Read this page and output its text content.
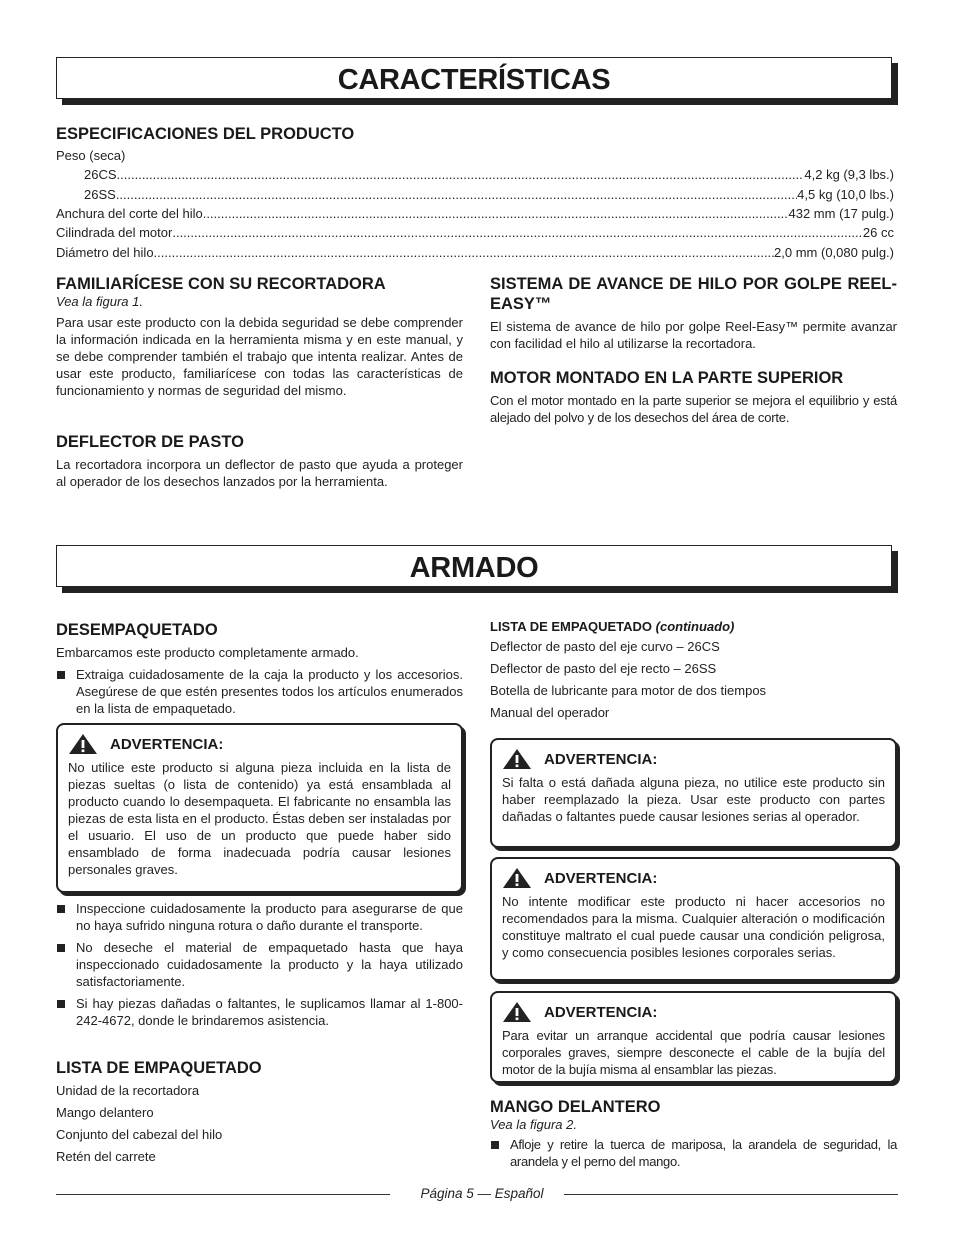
CARACTERÍSTICAS
ESPECIFICACIONES DEL PRODUCTO
Peso (seca)
26CS .....	4,2 kg (9,3 lbs.)
26SS .....	4,5 kg (10,0 lbs.)
Anchura del corte del hilo .....	432 mm (17 pulg.)
Cilindrada del motor .....	26 cc
Diámetro del hilo .....	2,0 mm (0,080 pulg.)
FAMILIARÍCESE CON SU RECORTADORA
Vea la figura 1.

Para usar este producto con la debida seguridad se debe comprender la información indicada en la herramienta misma y en este manual, y se debe comprender también el trabajo que intenta realizar. Antes de usar este producto, familiarícese con todas las características de funcionamiento y normas de seguridad del mismo.

DEFLECTOR DE PASTO

La recortadora incorpora un deflector de pasto que ayuda a proteger al operador de los desechos lanzados por la herramienta.

SISTEMA DE AVANCE DE HILO POR GOLPE REEL-EASY™

El sistema de avance de hilo por golpe Reel-Easy™ permite avanzar con facilidad el hilo al utilizarse la recortadora.

MOTOR MONTADO EN LA PARTE SUPERIOR

Con el motor montado en la parte superior se mejora el equilibrio y está alejado del polvo y de los desechos del área de corte.

ARMADO
DESEMPAQUETADO

Embarcamos este producto completamente armado.

Extraiga cuidadosamente de la caja la producto y los accesorios. Asegúrese de que estén presentes todos los artículos enumerados en la lista de empaquetado.
ADVERTENCIA:

No utilice este producto si alguna pieza incluida en la lista de piezas sueltas (o lista de contenido) ya está ensamblada al producto cuando lo desempaqueta. El fabricante no ensambla las piezas de esta lista en el producto. Éstas deben ser instaladas por el usuario. El uso de un producto que puede haber sido ensamblado de forma inadecuada podría causar lesiones personales graves.

Inspeccione cuidadosamente la producto para asegurarse de que no haya sufrido ninguna rotura o daño durante el transporte.
No deseche el material de empaquetado hasta que haya inspeccionado cuidadosamente la producto y la haya utilizado satisfactoriamente.
Si hay piezas dañadas o faltantes, le suplicamos llamar al 1-800-242-4672, donde le brindaremos asistencia.
LISTA DE EMPAQUETADO
Unidad de la recortadora
Mango delantero
Conjunto del cabezal del hilo
Retén del carrete
LISTA DE EMPAQUETADO (continuado)
Deflector de pasto del eje curvo – 26CS
Deflector de pasto del eje recto – 26SS
Botella de lubricante para motor de dos tiempos
Manual del operador
ADVERTENCIA:

Si falta o está dañada alguna pieza, no utilice este producto sin haber reemplazado la pieza. Usar este producto con partes dañadas o faltantes puede causar lesiones serias al operador.

ADVERTENCIA:

No intente modificar este producto ni hacer accesorios no recomendados para la misma. Cualquier alteración o modificación constituye maltrato el cual puede causar una condición peligrosa, y como consecuencia posibles lesiones corporales serias.

ADVERTENCIA:

Para evitar un arranque accidental que podría causar lesiones corporales graves, siempre desconecte el cable de la bujía del motor de la bujía misma al ensamblar las piezas.

MANGO DELANTERO
Vea la figura 2.
Afloje y retire la tuerca de mariposa, la arandela de seguridad, la arandela y el perno del mango.
Página 5 — Español
